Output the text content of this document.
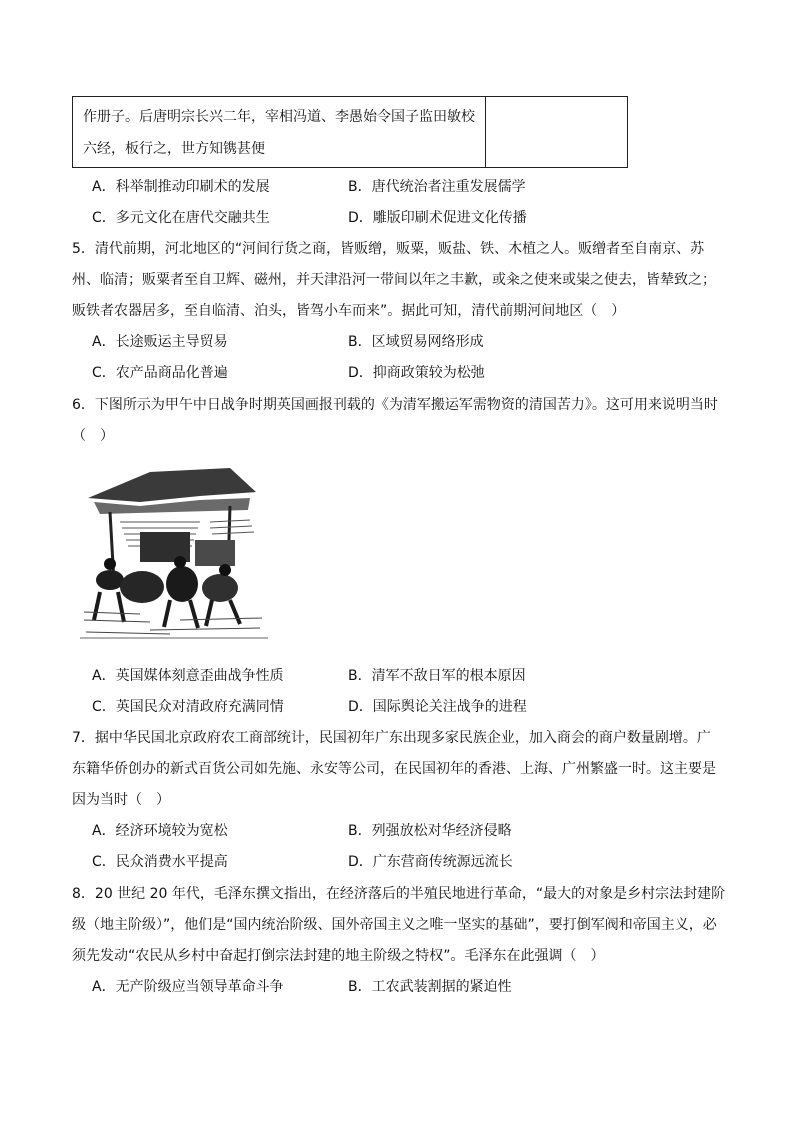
作册子。后唐明宗长兴二年，宰相冯道、李愚始令国子监田敏校
六经，板行之，世方知镌甚便
A．科举制推动印刷术的发展	B．唐代统治者注重发展儒学
C．多元文化在唐代交融共生	D．雕版印刷术促进文化传播
5．清代前期，河北地区的“河间行货之商，皆贩缯，贩粟，贩盐、铁、木植之人。贩缯者至自南京、苏
州、临清；贩粟者至自卫辉、磁州，并天津沿河一带间以年之丰歉，或籴之使来或粜之使去，皆辇致之；
贩铁者农器居多，至自临清、泊头，皆驾小车而来”。据此可知，清代前期河间地区（　）
A．长途贩运主导贸易	B．区域贸易网络形成
C．农产品商品化普遍	D．抑商政策较为松弛
6．下图所示为甲午中日战争时期英国画报刊载的《为清军搬运军需物资的清国苦力》。这可用来说明当时
（　）
A．英国媒体刻意歪曲战争性质	B．清军不敌日军的根本原因
C．英国民众对清政府充满同情	D．国际舆论关注战争的进程
7．据中华民国北京政府农工商部统计，民国初年广东出现多家民族企业，加入商会的商户数量剧增。广
东籍华侨创办的新式百货公司如先施、永安等公司，在民国初年的香港、上海、广州繁盛一时。这主要是
因为当时（　）
A．经济环境较为宽松	B．列强放松对华经济侵略
C．民众消费水平提高	D．广东营商传统源远流长
8．20 世纪 20 年代，毛泽东撰文指出，在经济落后的半殖民地进行革命，“最大的对象是乡村宗法封建阶
级（地主阶级）”，他们是“国内统治阶级、国外帝国主义之唯一坚实的基础”，要打倒军阀和帝国主义，必
须先发动“农民从乡村中奋起打倒宗法封建的地主阶级之特权”。毛泽东在此强调（　）
A．无产阶级应当领导革命斗争	B．工农武装割据的紧迫性
